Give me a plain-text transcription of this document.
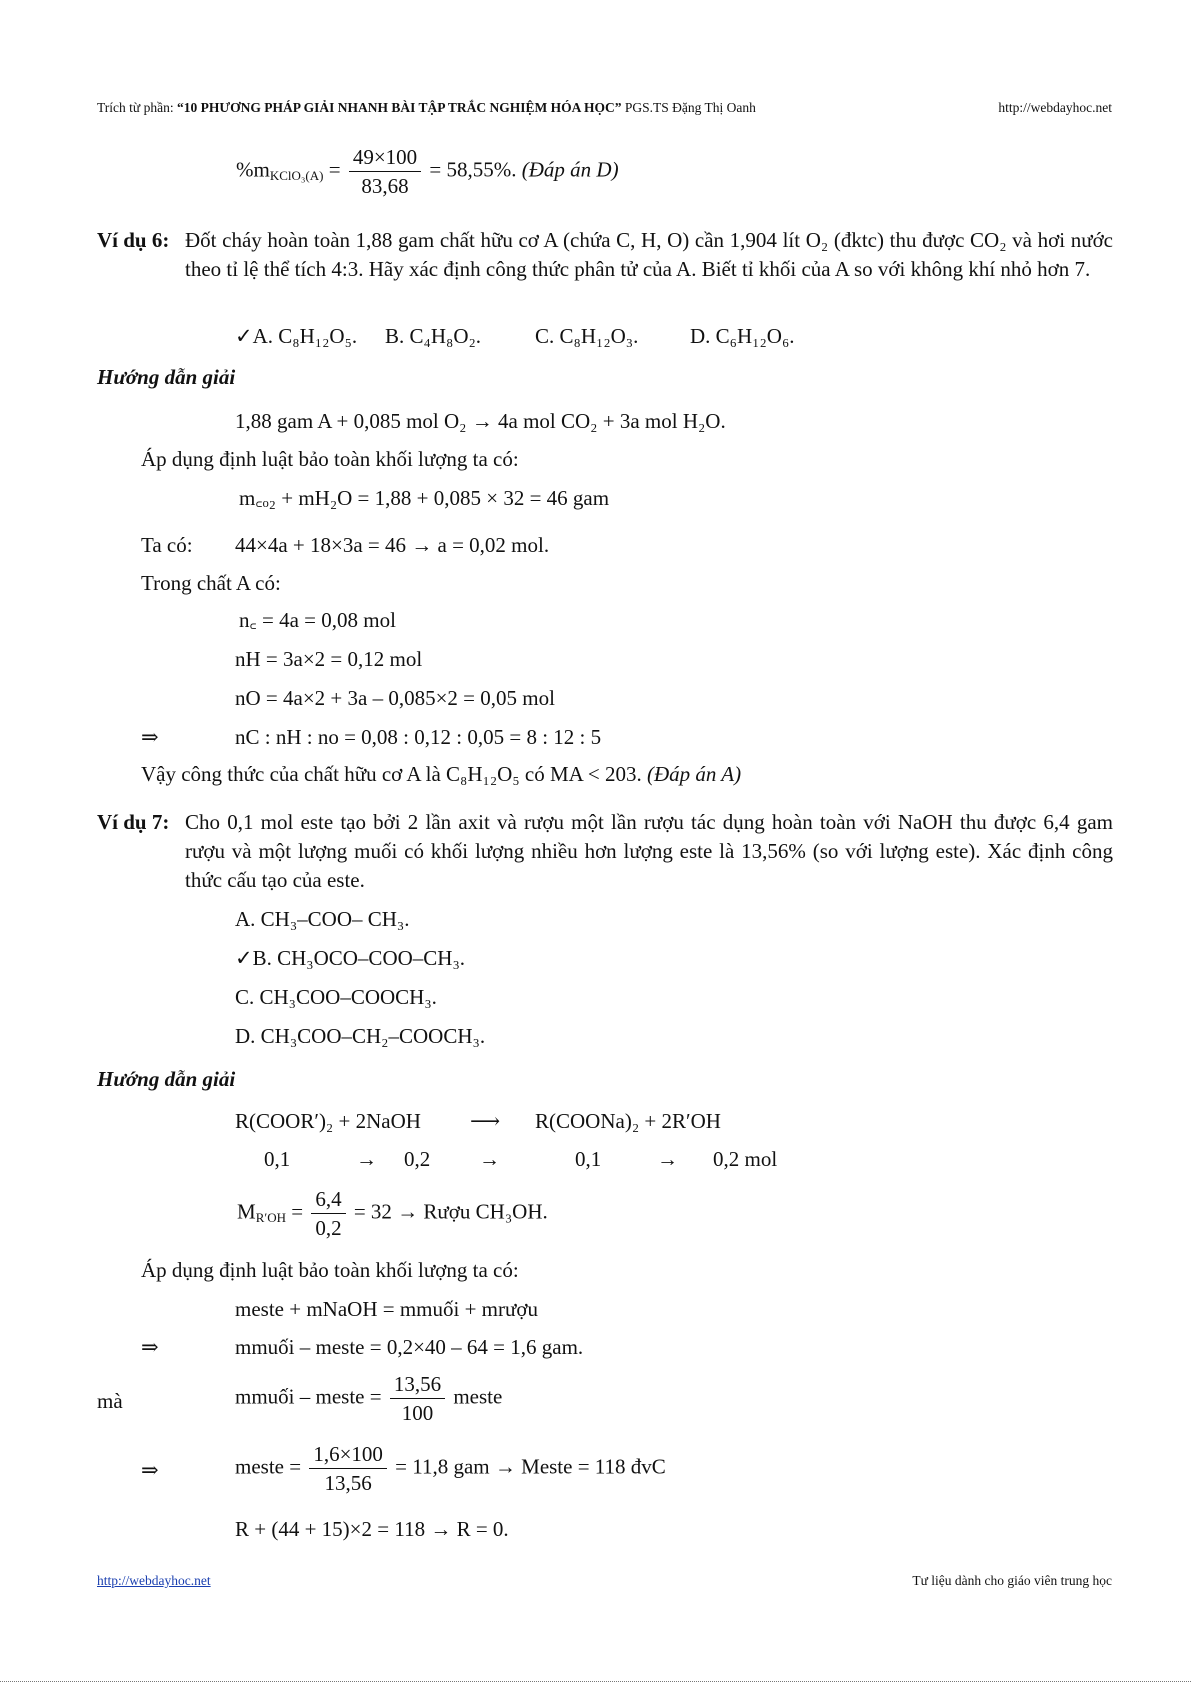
Trích từ phần: “10 PHƯƠNG PHÁP GIẢI NHANH BÀI TẬP TRẮC NGHIỆM HÓA HỌC” PGS.TS Đặng Thị Oanh	http://webdayhoc.net
$\%m_{KClO_3(A)} = \frac{49\times 100}{83,68} = 58,55\%$. (Đáp án D)
Ví dụ 6: Đốt cháy hoàn toàn 1,88 gam chất hữu cơ A (chứa C, H, O) cần 1,904 lít O₂ (đktc) thu được CO₂ và hơi nước theo tỉ lệ thể tích 4:3. Hãy xác định công thức phân tử của A. Biết tỉ khối của A so với không khí nhỏ hơn 7.
✓A. C₈H₁₂O₅. B. C₄H₈O₂.	C. C₈H₁₂O₃. D. C₆H₁₂O₆.
Hướng dẫn giải
1,88 gam A + 0,085 mol O₂ → 4a mol CO₂ + 3a mol H₂O.
Áp dụng định luật bảo toàn khối lượng ta có:
m꜀ₒ₂ + mH₂O = 1,88 + 0,085 × 32 = 46 gam
Ta có: 44×4a + 18×3a = 46 → a = 0,02 mol.
Trong chất A có:
n꜀ = 4a = 0,08 mol
nH = 3a×2 = 0,12 mol
nO = 4a×2 + 3a – 0,085×2 = 0,05 mol
⇒	nC : nH : no = 0,08 : 0,12 : 0,05 = 8 : 12 : 5
Vậy công thức của chất hữu cơ A là C₈H₁₂O₅ có MA < 203. (Đáp án A)
Ví dụ 7: Cho 0,1 mol este tạo bởi 2 lần axit và rượu một lần rượu tác dụng hoàn toàn với NaOH thu được 6,4 gam rượu và một lượng muối có khối lượng nhiều hơn lượng este là 13,56% (so với lượng este). Xác định công thức cấu tạo của este.
A. CH₃–COO– CH₃.
✓B. CH₃OCO–COO–CH₃.
C. CH₃COO–COOCH₃.
D. CH₃COO–CH₂–COOCH₃.
Hướng dẫn giải
R(COOR′)₂ + 2NaOH ⟶ R(COONa)₂ + 2R′OH
0,1	→ 0,2 →	0,1	→ 0,2 mol
$M_{R'OH} = \frac{6,4}{0,2} = 32$ → Rượu CH₃OH.
Áp dụng định luật bảo toàn khối lượng ta có:
meste + mNaOH = mmuối + mrượu
⇒	mmuối – meste = 0,2×40 – 64 = 1,6 gam.
mà	mmuối – meste = $\frac{13,56}{100}$ meste
⇒	meste = $\frac{1,6\times 100}{13,56} = 11,8$ gam → Meste = 118 đvC
R + (44 + 15)×2 = 118 → R = 0.
http://webdayhoc.net	Tư liệu dành cho giáo viên trung học
